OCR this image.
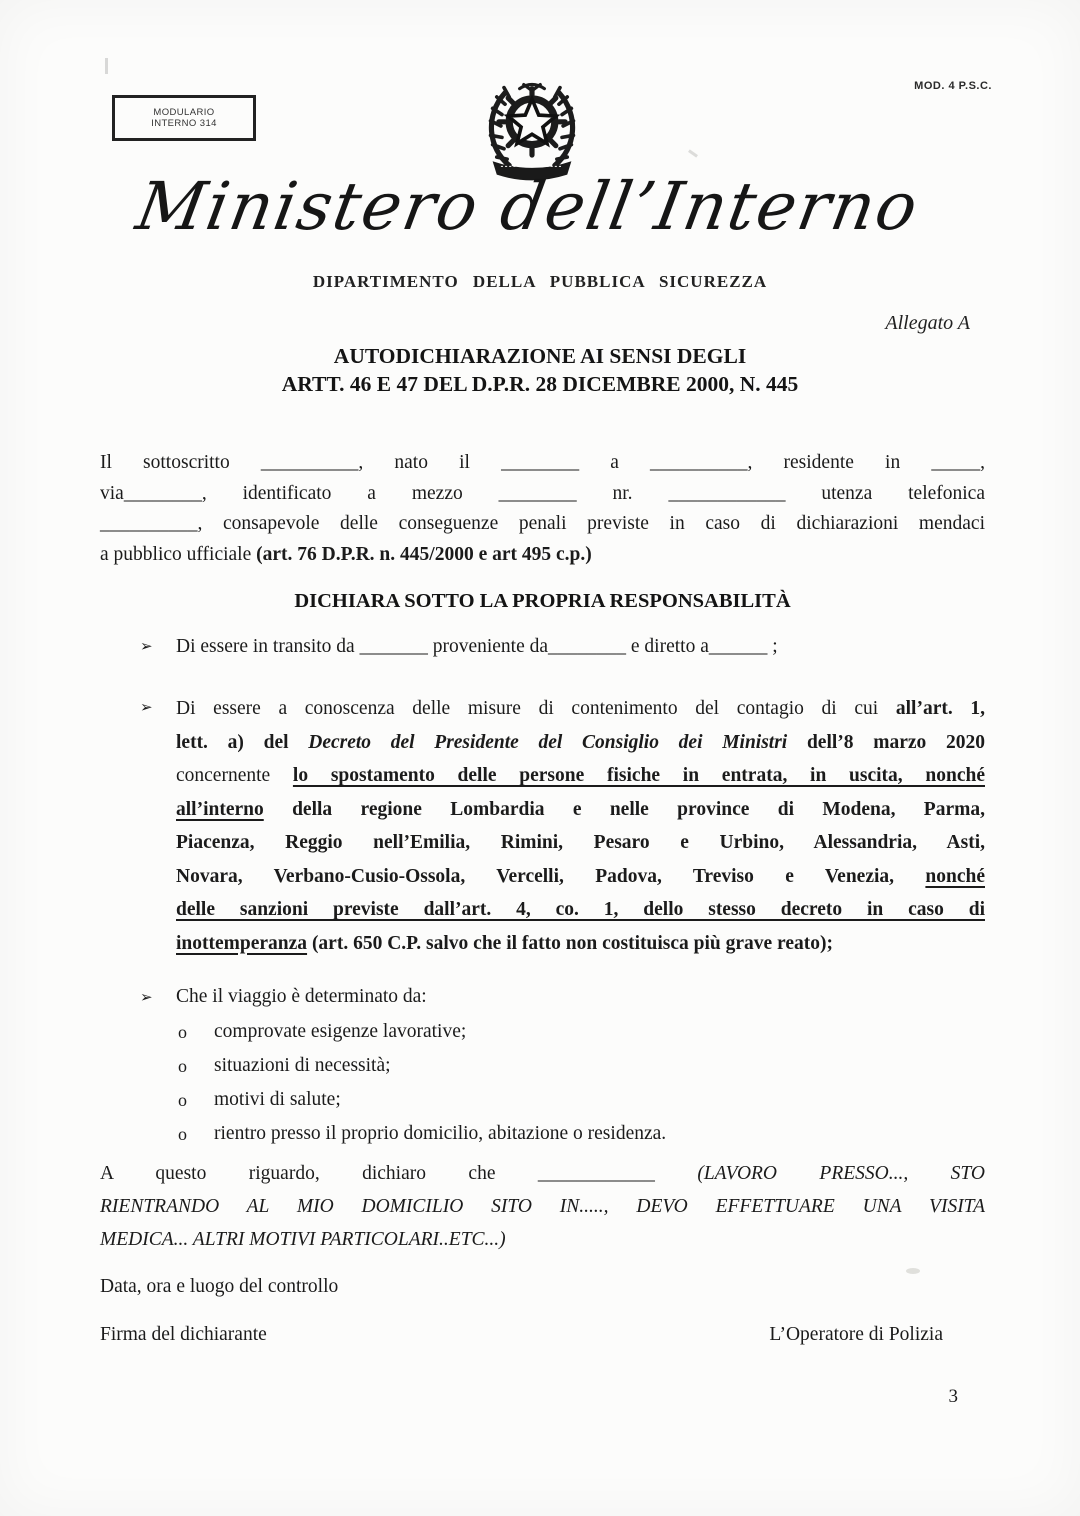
MODULARIO
INTERNO 314
MOD. 4 P.S.C.
Ministero dell’Interno
DIPARTIMENTO DELLA PUBBLICA SICUREZZA
Allegato A
AUTODICHIARAZIONE AI SENSI DEGLI
ARTT. 46 E 47 DEL D.P.R. 28 DICEMBRE 2000, N. 445
Il sottoscritto __________, nato il ________ a __________, residente in _____,
via________, identificato a mezzo ________ nr. ____________ utenza telefonica
__________, consapevole delle conseguenze penali previste in caso di dichiarazioni mendaci
a pubblico ufficiale (art. 76 D.P.R. n. 445/2000 e art 495 c.p.)
DICHIARA SOTTO LA PROPRIA RESPONSABILITÀ
➢	Di essere in transito da _______ proveniente da________ e diretto a______ ;
➢	Di essere a conoscenza delle misure di contenimento del contagio di cui all’art. 1,
lett. a) del Decreto del Presidente del Consiglio dei Ministri dell’8 marzo 2020
concernente lo spostamento delle persone fisiche in entrata, in uscita, nonché
all’interno della regione Lombardia e nelle province di Modena, Parma,
Piacenza, Reggio nell’Emilia, Rimini, Pesaro e Urbino, Alessandria, Asti,
Novara, Verbano-Cusio-Ossola, Vercelli, Padova, Treviso e Venezia, nonché
delle sanzioni previste dall’art. 4, co. 1, dello stesso decreto in caso di
inottemperanza (art. 650 C.P. salvo che il fatto non costituisca più grave reato);
➢	Che il viaggio è determinato da:
o	comprovate esigenze lavorative;
o	situazioni di necessità;
o	motivi di salute;
o	rientro presso il proprio domicilio, abitazione o residenza.
A questo riguardo, dichiaro che ____________ (LAVORO PRESSO..., STO
RIENTRANDO AL MIO DOMICILIO SITO IN....., DEVO EFFETTUARE UNA VISITA
MEDICA... ALTRI MOTIVI PARTICOLARI..ETC...)
Data, ora e luogo del controllo
Firma del dichiarante	L’Operatore di Polizia
3
